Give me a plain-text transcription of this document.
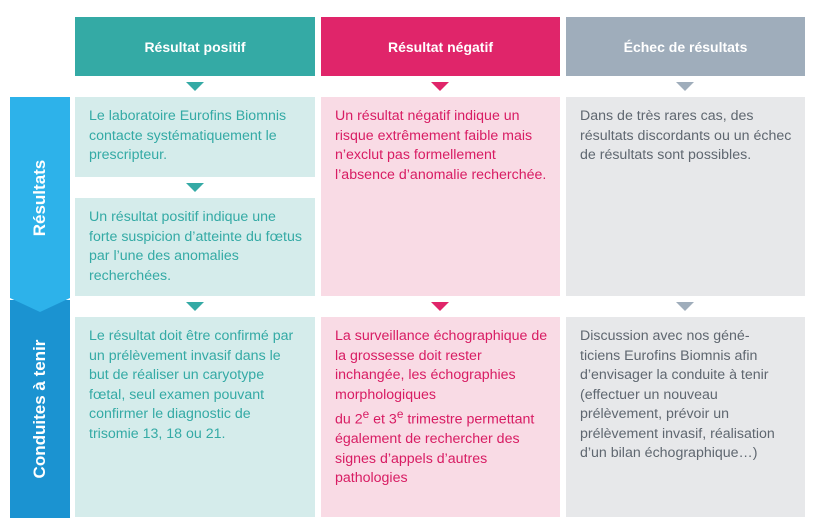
Résultat positif	Résultat négatif	Échec de résultats
Résultats
Conduites à tenir
Le laboratoire Eurofins Biomnis contacte systématiquement le prescripteur.
Un résultat positif indique une forte suspicion d’atteinte du fœtus par l’une des anomalies recherchées.
Un résultat négatif indique un risque extrêmement faible mais n’exclut pas formellement l’absence d’anomalie recherchée.
Dans de très rares cas, des résultats discordants ou un échec de résultats sont possibles.
Le résultat doit être confirmé par un prélèvement invasif dans le but de réaliser un caryotype fœtal, seul examen pouvant confirmer le diagnostic de trisomie 13, 18 ou 21.
La surveillance échographique de la grossesse doit rester inchangée, les échographies morphologiques
du 2e et 3e trimestre permettant également de rechercher des signes d’appels d’autres pathologies
Discussion avec nos géné- ticiens Eurofins Biomnis afin d’envisager la conduite à tenir (effectuer un nouveau prélèvement, prévoir un prélèvement invasif, réalisation d’un bilan échographique…)
